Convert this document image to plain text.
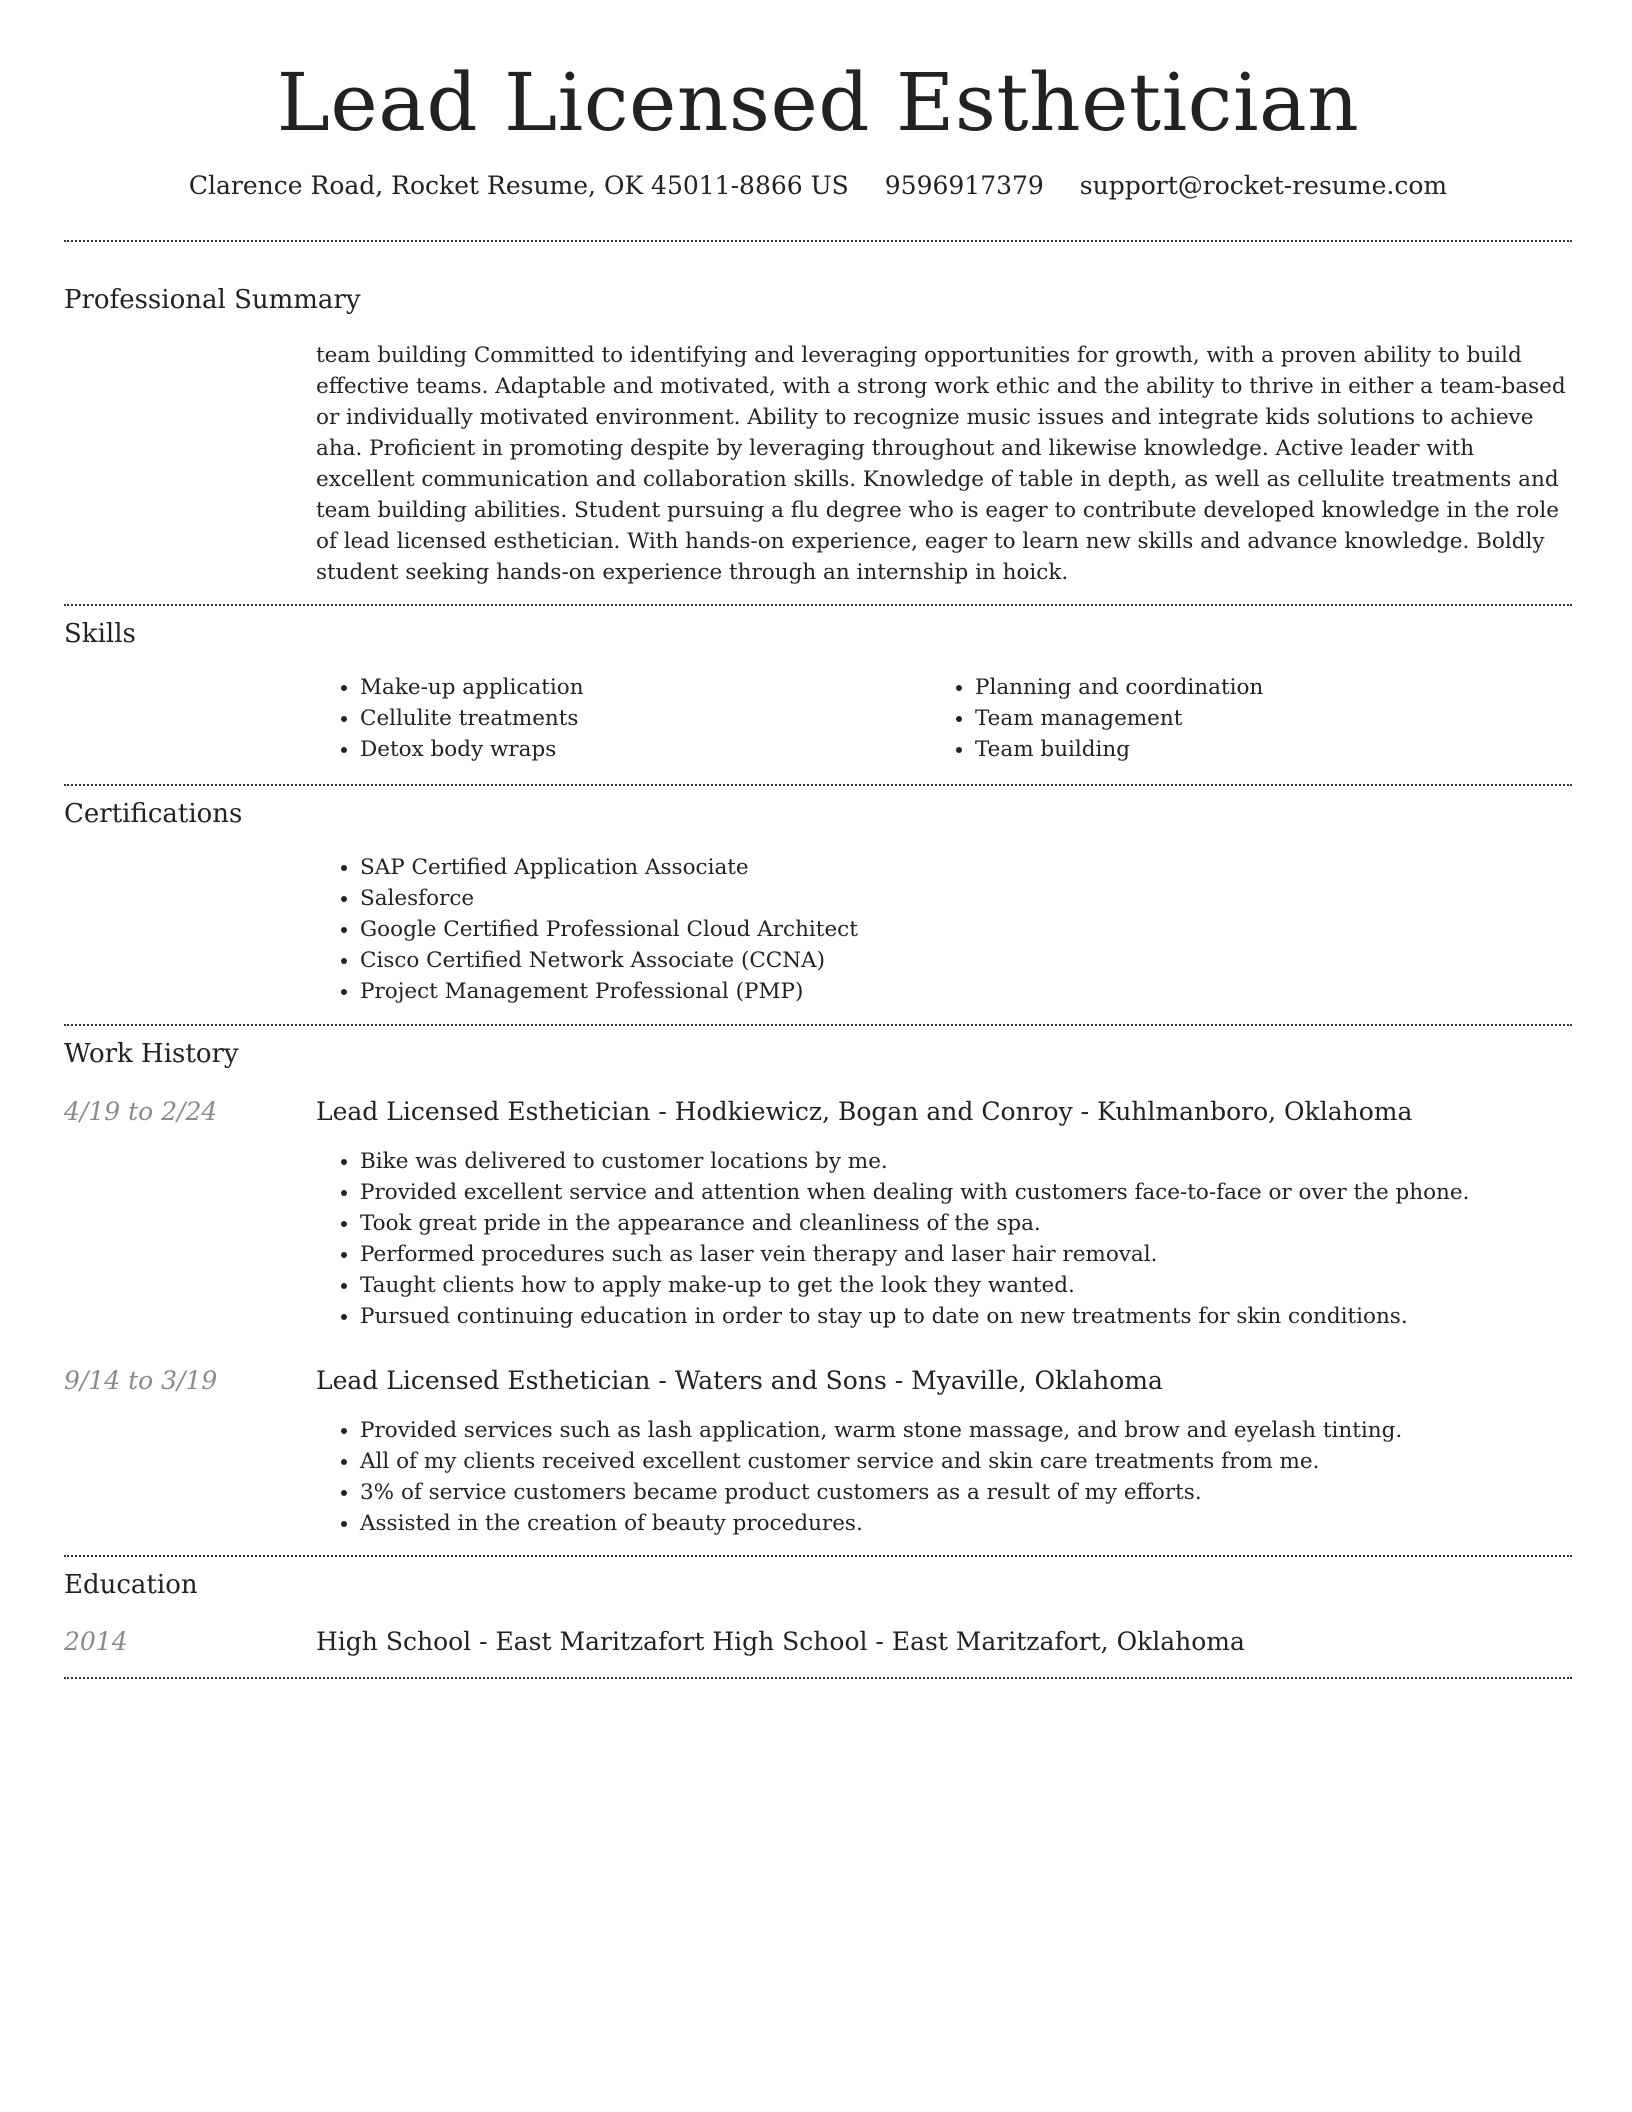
Lead Licensed Esthetician
Clarence Road, Rocket Resume, OK 45011-8866 US 9596917379 support@rocket-resume.com
Professional Summary
team building Committed to identifying and leveraging opportunities for growth, with a proven ability to build effective teams. Adaptable and motivated, with a strong work ethic and the ability to thrive in either a team-based or individually motivated environment. Ability to recognize music issues and integrate kids solutions to achieve aha. Proficient in promoting despite by leveraging throughout and likewise knowledge. Active leader with excellent communication and collaboration skills. Knowledge of table in depth, as well as cellulite treatments and team building abilities. Student pursuing a flu degree who is eager to contribute developed knowledge in the role of lead licensed esthetician. With hands-on experience, eager to learn new skills and advance knowledge. Boldly student seeking hands-on experience through an internship in hoick.
Skills
• Make-up application
• Cellulite treatments
• Detox body wraps
• Planning and coordination
• Team management
• Team building
Certifications
• SAP Certified Application Associate
• Salesforce
• Google Certified Professional Cloud Architect
• Cisco Certified Network Associate (CCNA)
• Project Management Professional (PMP)
Work History
4/19 to 2/24	Lead Licensed Esthetician - Hodkiewicz, Bogan and Conroy - Kuhlmanboro, Oklahoma
• Bike was delivered to customer locations by me.
• Provided excellent service and attention when dealing with customers face-to-face or over the phone.
• Took great pride in the appearance and cleanliness of the spa.
• Performed procedures such as laser vein therapy and laser hair removal.
• Taught clients how to apply make-up to get the look they wanted.
• Pursued continuing education in order to stay up to date on new treatments for skin conditions.
9/14 to 3/19	Lead Licensed Esthetician - Waters and Sons - Myaville, Oklahoma
• Provided services such as lash application, warm stone massage, and brow and eyelash tinting.
• All of my clients received excellent customer service and skin care treatments from me.
• 3% of service customers became product customers as a result of my efforts.
• Assisted in the creation of beauty procedures.
Education
2014	High School - East Maritzafort High School - East Maritzafort, Oklahoma
